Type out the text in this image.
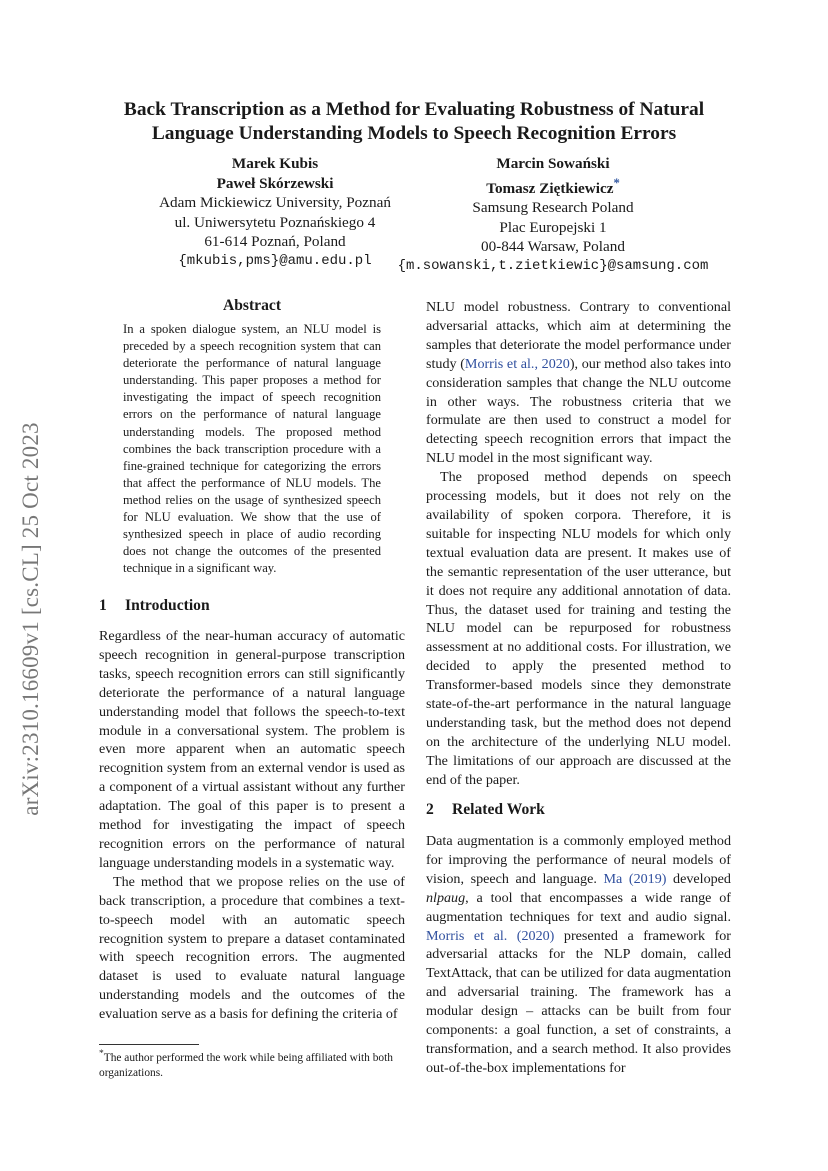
arXiv:2310.16609v1 [cs.CL] 25 Oct 2023
Back Transcription as a Method for Evaluating Robustness of Natural Language Understanding Models to Speech Recognition Errors
Marek Kubis
Paweł Skórzewski
Adam Mickiewicz University, Poznań
ul. Uniwersytetu Poznańskiego 4
61-614 Poznań, Poland
{mkubis,pms}@amu.edu.pl
Marcin Sowański
Tomasz Ziętkiewicz*
Samsung Research Poland
Plac Europejski 1
00-844 Warsaw, Poland
{m.sowanski,t.zietkiewic}@samsung.com
Abstract

In a spoken dialogue system, an NLU model is preceded by a speech recognition system that can deteriorate the performance of natural language understanding. This paper proposes a method for investigating the impact of speech recognition errors on the performance of natural language understanding models. The proposed method combines the back transcription procedure with a fine-grained technique for categorizing the errors that affect the performance of NLU models. The method relies on the usage of synthesized speech for NLU evaluation. We show that the use of synthesized speech in place of audio recording does not change the outcomes of the presented technique in a significant way.

1 Introduction

Regardless of the near-human accuracy of automatic speech recognition in general-purpose transcription tasks, speech recognition errors can still significantly deteriorate the performance of a natural language understanding model that follows the speech-to-text module in a conversational system. The problem is even more apparent when an automatic speech recognition system from an external vendor is used as a component of a virtual assistant without any further adaptation. The goal of this paper is to present a method for investigating the impact of speech recognition errors on the performance of natural language understanding models in a systematic way.

The method that we propose relies on the use of back transcription, a procedure that combines a text-to-speech model with an automatic speech recognition system to prepare a dataset contaminated with speech recognition errors. The augmented dataset is used to evaluate natural language understanding models and the outcomes of the evaluation serve as a basis for defining the criteria of

NLU model robustness. Contrary to conventional adversarial attacks, which aim at determining the samples that deteriorate the model performance under study (Morris et al., 2020), our method also takes into consideration samples that change the NLU outcome in other ways. The robustness criteria that we formulate are then used to construct a model for detecting speech recognition errors that impact the NLU model in the most significant way.

The proposed method depends on speech processing models, but it does not rely on the availability of spoken corpora. Therefore, it is suitable for inspecting NLU models for which only textual evaluation data are present. It makes use of the semantic representation of the user utterance, but it does not require any additional annotation of data. Thus, the dataset used for training and testing the NLU model can be repurposed for robustness assessment at no additional costs. For illustration, we decided to apply the presented method to Transformer-based models since they demonstrate state-of-the-art performance in the natural language understanding task, but the method does not depend on the architecture of the underlying NLU model. The limitations of our approach are discussed at the end of the paper.

2 Related Work

Data augmentation is a commonly employed method for improving the performance of neural models of vision, speech and language. Ma (2019) developed nlpaug, a tool that encompasses a wide range of augmentation techniques for text and audio signal. Morris et al. (2020) presented a framework for adversarial attacks for the NLP domain, called TextAttack, that can be utilized for data augmentation and adversarial training. The framework has a modular design – attacks can be built from four components: a goal function, a set of constraints, a transformation, and a search method. It also provides out-of-the-box implementations for

*The author performed the work while being affiliated with both organizations.
